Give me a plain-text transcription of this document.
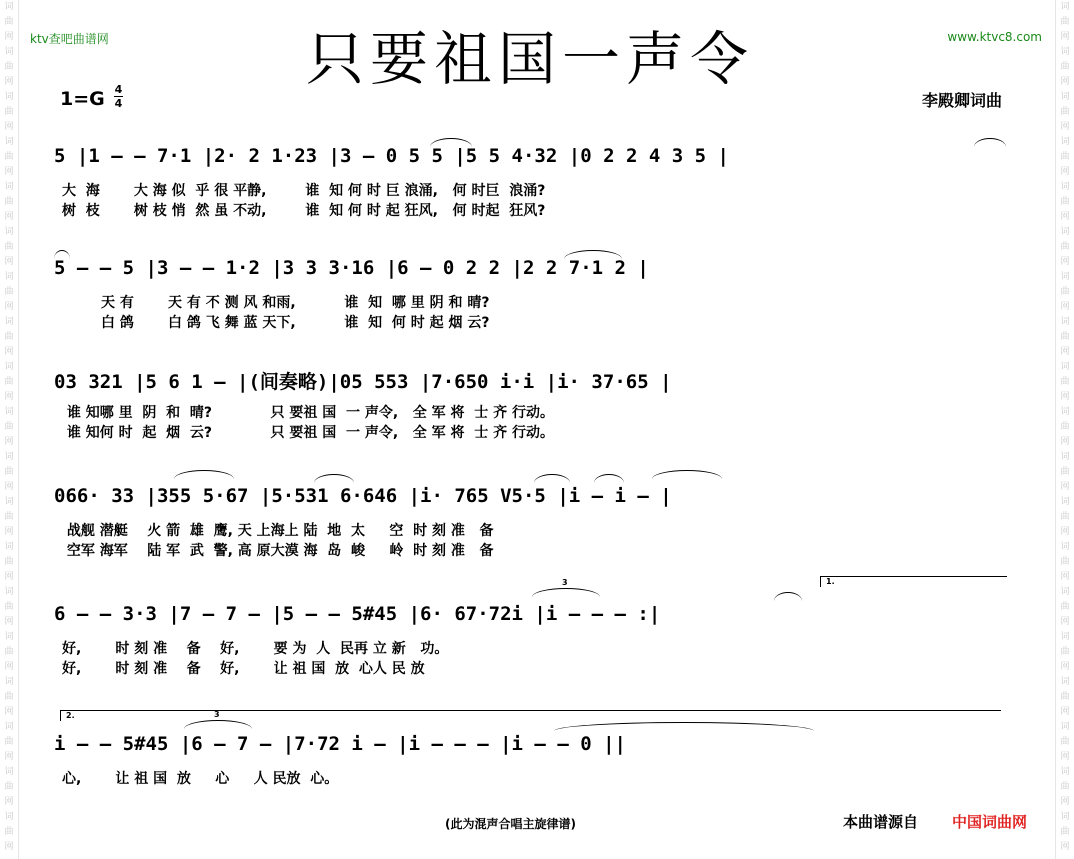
词
曲
网
词
曲
网
词
曲
网
词
曲
网
词
曲
网
词
曲
网
词
曲
网
词
曲
网
词
曲
网
词
曲
网
词
曲
网
词
曲
网
词
曲
网
词
曲
网
词
曲
网
词
曲
网
词
曲
网
词
曲
网
词
曲
网
词
曲
网
词
曲
网
词
曲
网
词
曲
网
词
曲
网
词
曲
网
词
曲
网
词
曲
网
词
曲
网
词
曲
网
词
曲
网
词
曲
网
词
曲
网
词
曲
网
词
曲
网
词
曲
网
词
曲
网
词
曲
网
词
曲
网
ktv查吧曲谱网	www.ktvc8.com
只要祖国一声令
1=G 4
4	李殿卿词曲
5 |1 – – 7·1 |2· 2 1·23 |3 – 0 5 5 |5 5 4·32 |0 2 2 4 3 5 |
大  海       大 海 似  乎 很 平静,        谁  知 何 时 巨 浪涌,   何 时巨  浪涌?
树  枝       树 枝 悄  然 虽 不动,        谁  知 何 时 起 狂风,   何 时起  狂风?
5 – – 5 |3 – – 1·2 |3 3 3·16 |6 – 0 2 2 |2 2 7·1 2 |
天 有       天 有 不 测 风 和雨,          谁  知  哪 里 阴 和 晴?
白 鸽       白 鸽 飞 舞 蓝 天下,          谁  知  何 时 起 烟 云?
03 321 |5 6 1 – |(间奏略)|05 553 |7·650 i·i |i· 37·65 |
谁 知哪 里  阴  和  晴?            只 要祖 国  一 声令,   全 军 将  士 齐 行动。
谁 知何 时  起  烟  云?            只 要祖 国  一 声令,   全 军 将  士 齐 行动。
066· 33 |355 5·67 |5·531 6·646 |i· 765 V5·5 |i – i – |
战舰 潜艇    火 箭  雄  鹰, 天 上海上 陆  地  太     空  时 刻 准   备
空军 海军    陆 军  武  警, 高 原大漠 海  岛  峻     岭  时 刻 准   备
6 – – 3·3 |7 – 7 – |5 – – 5#45 |6· 67·72i |i – – – :|
3	1.
好,       时 刻 准    备    好,       要 为  人  民再 立 新   功。
好,       时 刻 准    备    好,       让 祖 国  放  心人 民 放
i – – 5#45 |6 – 7 – |7·72 i – |i – – – |i – – 0 ||
2.	3
心,       让 祖 国  放     心     人 民放  心。
(此为混声合唱主旋律谱)	本曲谱源自 中国词曲网
